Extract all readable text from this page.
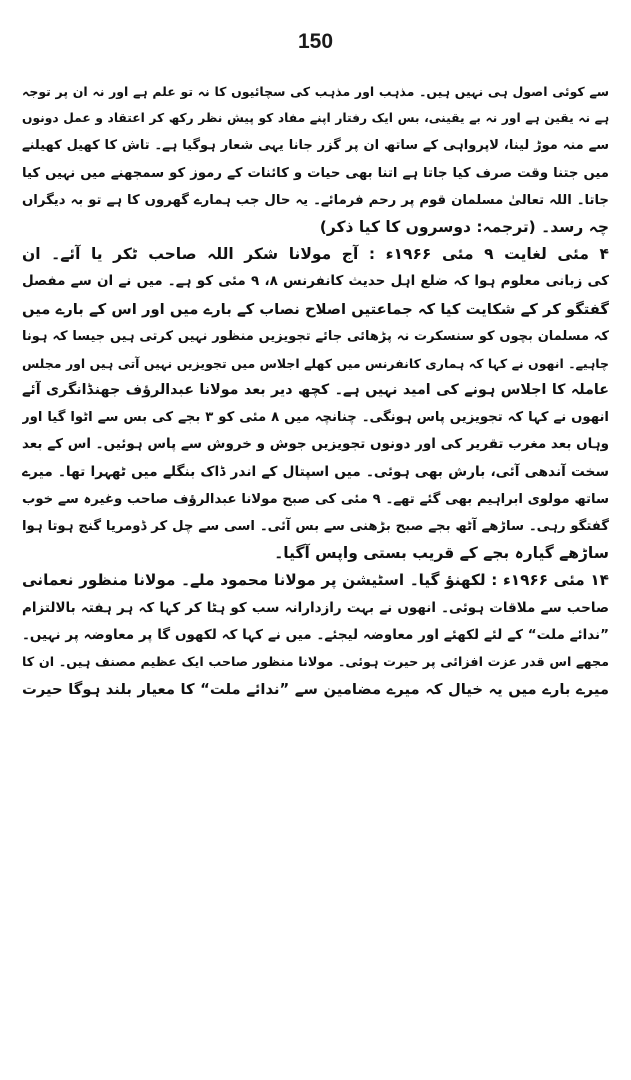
150
سے کوئی اصول ہی نہیں ہیں۔ مذہب اور مذہب کی سچائیوں کا نہ تو علم ہے اور نہ ان پر توجہ
ہے نہ یقین ہے اور نہ بے یقینی، بس ایک رفتار اپنے مفاد کو پیش نظر رکھ کر اعتقاد و عمل دونوں
سے منہ موڑ لینا، لاپرواہی کے ساتھ ان پر گزر جانا یہی شعار ہوگیا ہے۔ تاش کا کھیل کھیلنے
میں جتنا وقت صرف کیا جاتا ہے اتنا بھی حیات و کائنات کے رموز کو سمجھنے میں نہیں کیا
جاتا۔ اللہ تعالیٰ مسلمان قوم پر رحم فرمائے۔ یہ حال جب ہمارے گھروں کا ہے تو بہ دیگراں
چہ رسد۔ (ترجمہ: دوسروں کا کیا ذکر)
۴ مئی لغایت ۹ مئی ۱۹۶۶ء : آج مولانا شکر اللہ صاحب ٹکر یا آئے۔ ان
کی زبانی معلوم ہوا کہ ضلع اہل حدیث کانفرنس ۸، ۹ مئی کو ہے۔ میں نے ان سے مفصل
گفتگو کر کے شکایت کیا کہ جماعتیں اصلاح نصاب کے بارے میں اور اس کے بارے میں
کہ مسلمان بچوں کو سنسکرت نہ پڑھائی جائے تجویزیں منظور نہیں کرتی ہیں جیسا کہ ہونا
چاہیے۔ انھوں نے کہا کہ ہماری کانفرنس میں کھلے اجلاس میں تجویزیں نہیں آتی ہیں اور مجلس
عاملہ کا اجلاس ہونے کی امید نہیں ہے۔ کچھ دیر بعد مولانا عبدالرؤف جھنڈانگری آئے
انھوں نے کہا کہ تجویزیں پاس ہونگی۔ چنانچہ میں ۸ مئی کو ۳ بجے کی بس سے اٹوا گیا اور
وہاں بعد مغرب تقریر کی اور دونوں تجویزیں جوش و خروش سے پاس ہوئیں۔ اس کے بعد
سخت آندھی آئی، بارش بھی ہوئی۔ میں اسپتال کے اندر ڈاک بنگلے میں ٹھہرا تھا۔ میرے
ساتھ مولوی ابراہیم بھی گئے تھے۔ ۹ مئی کی صبح مولانا عبدالرؤف صاحب وغیرہ سے خوب
گفتگو رہی۔ ساڑھے آٹھ بجے صبح بڑھنی سے بس آئی۔ اسی سے چل کر ڈومریا گنج ہوتا ہوا
ساڑھے گیارہ بجے کے قریب بستی واپس آگیا۔
۱۴ مئی ۱۹۶۶ء : لکھنؤ گیا۔ اسٹیشن پر مولانا محمود ملے۔ مولانا منظور نعمانی
صاحب سے ملاقات ہوئی۔ انھوں نے بہت رازدارانہ سب کو ہٹا کر کہا کہ ہر ہفتہ بالالتزام
”ندائے ملت“ کے لئے لکھئے اور معاوضہ لیجئے۔ میں نے کہا کہ لکھوں گا پر معاوضہ پر نہیں۔
مجھے اس قدر عزت افزائی پر حیرت ہوئی۔ مولانا منظور صاحب ایک عظیم مصنف ہیں۔ ان کا
میرے بارے میں یہ خیال کہ میرے مضامین سے ”ندائے ملت“ کا معیار بلند ہوگا حیرت
